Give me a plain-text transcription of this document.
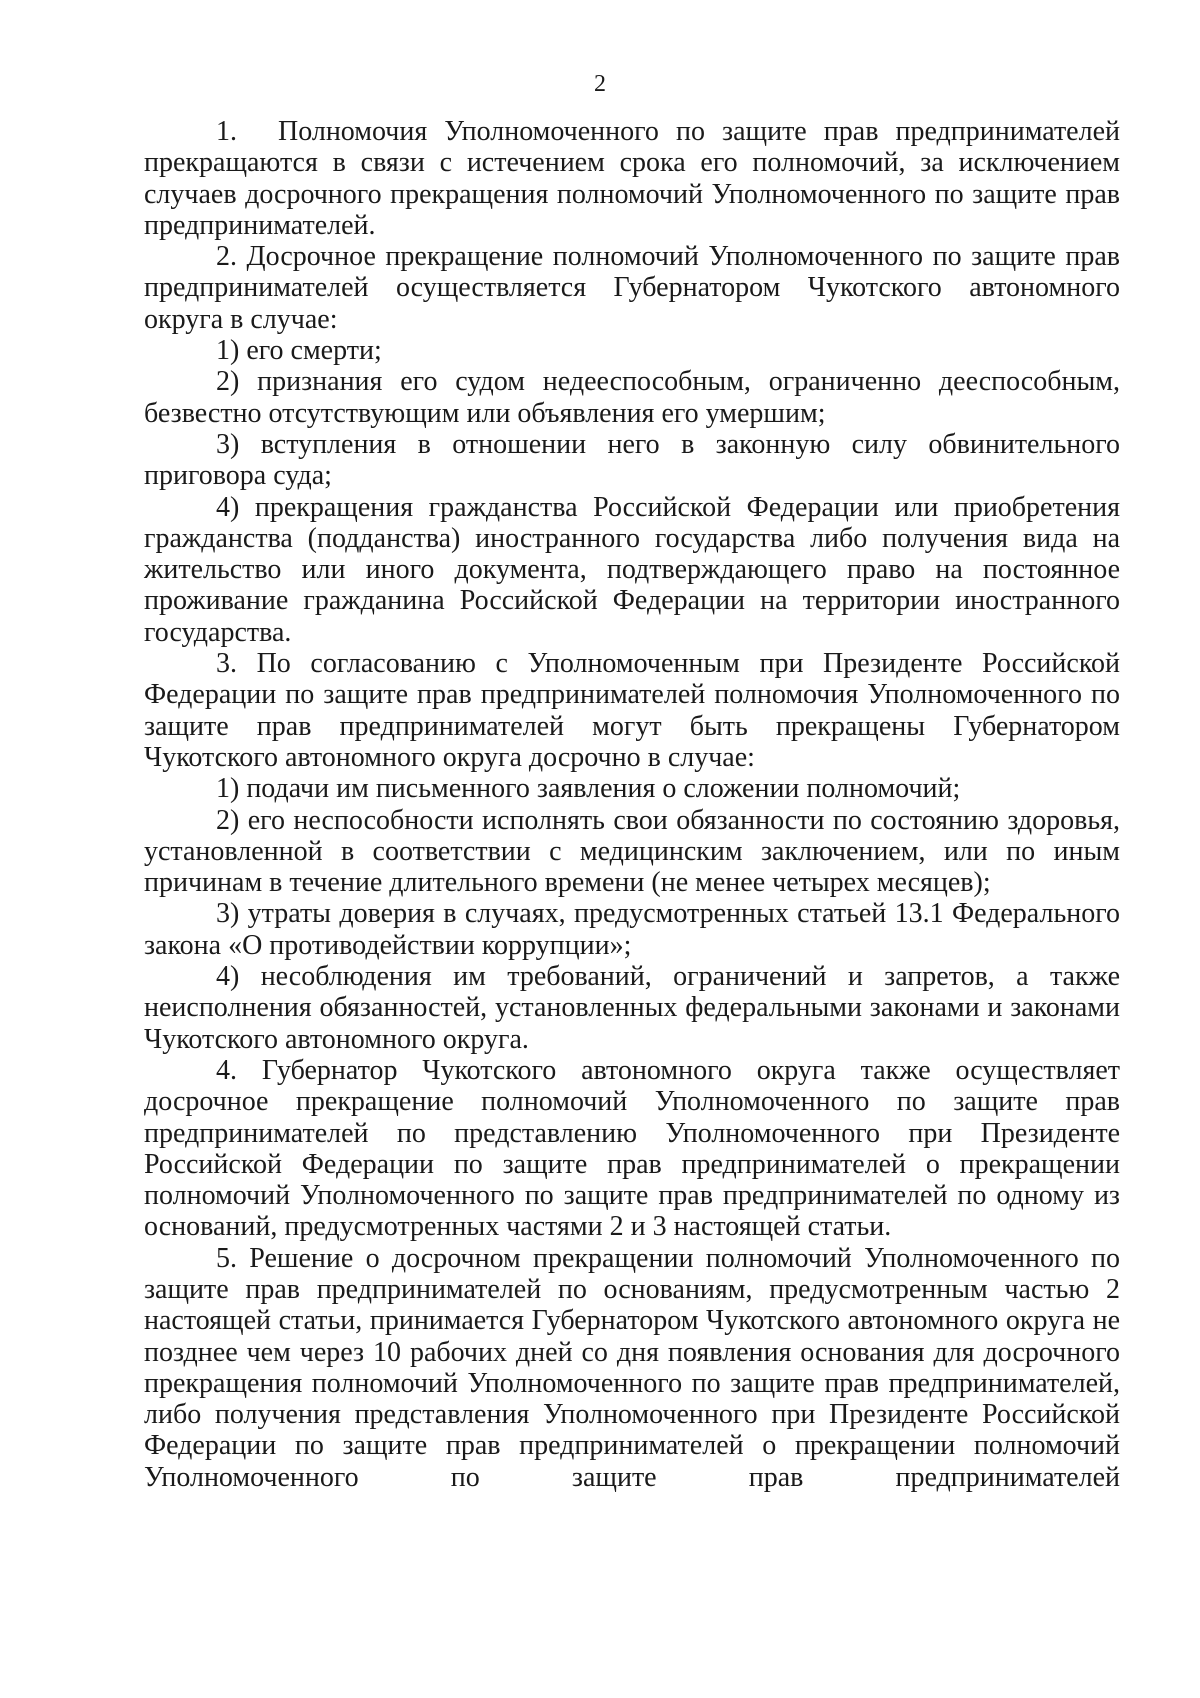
2

1. Полномочия Уполномоченного по защите прав предпринимателей прекращаются в связи с истечением срока его полномочий, за исключением случаев досрочного прекращения полномочий Уполномоченного по защите прав предпринимателей.

2. Досрочное прекращение полномочий Уполномоченного по защите прав предпринимателей осуществляется Губернатором Чукотского автономного округа в случае:

1) его смерти;

2) признания его судом недееспособным, ограниченно дееспособным, безвестно отсутствующим или объявления его умершим;

3) вступления в отношении него в законную силу обвинительного приговора суда;

4) прекращения гражданства Российской Федерации или приобретения гражданства (подданства) иностранного государства либо получения вида на жительство или иного документа, подтверждающего право на постоянное проживание гражданина Российской Федерации на территории иностранного государства.

3. По согласованию с Уполномоченным при Президенте Российской Федерации по защите прав предпринимателей полномочия Уполномоченного по защите прав предпринимателей могут быть прекращены Губернатором Чукотского автономного округа досрочно в случае:

1) подачи им письменного заявления о сложении полномочий;

2) его неспособности исполнять свои обязанности по состоянию здоровья, установленной в соответствии с медицинским заключением, или по иным причинам в течение длительного времени (не менее четырех месяцев);

3) утраты доверия в случаях, предусмотренных статьей 13.1 Федерального закона «О противодействии коррупции»;

4) несоблюдения им требований, ограничений и запретов, а также неисполнения обязанностей, установленных федеральными законами и законами Чукотского автономного округа.

4. Губернатор Чукотского автономного округа также осуществляет досрочное прекращение полномочий Уполномоченного по защите прав предпринимателей по представлению Уполномоченного при Президенте Российской Федерации по защите прав предпринимателей о прекращении полномочий Уполномоченного по защите прав предпринимателей по одному из оснований, предусмотренных частями 2 и 3 настоящей статьи.

5. Решение о досрочном прекращении полномочий Уполномоченного по защите прав предпринимателей по основаниям, предусмотренным частью 2 настоящей статьи, принимается Губернатором Чукотского автономного округа не позднее чем через 10 рабочих дней со дня появления основания для досрочного прекращения полномочий Уполномоченного по защите прав предпринимателей, либо получения представления Уполномоченного при Президенте Российской Федерации по защите прав предпринимателей о прекращении полномочий Уполномоченного по защите прав предпринимателей
